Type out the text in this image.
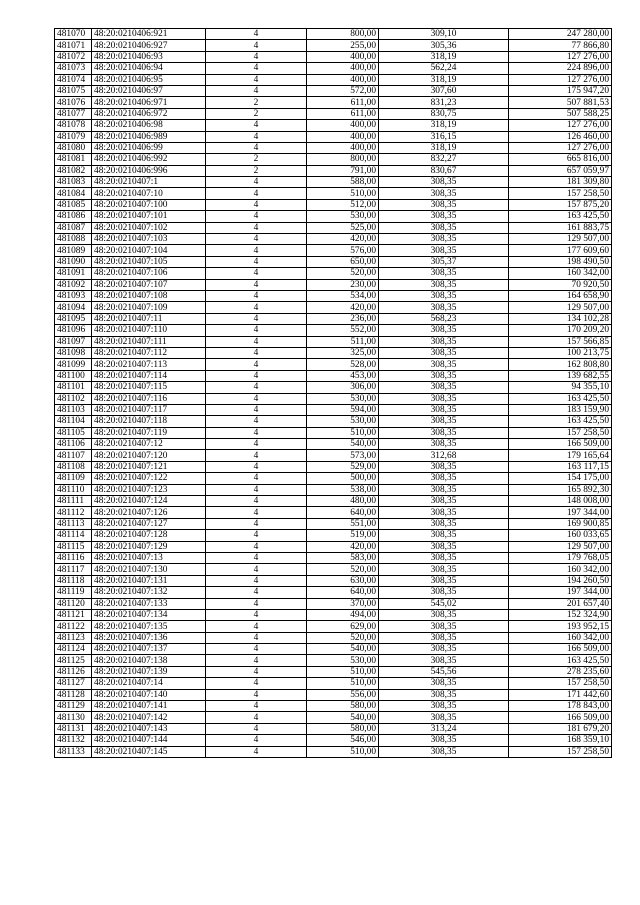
481070	48:20:0210406:921	4	800,00	309,10	247 280,00
481071	48:20:0210406:927	4	255,00	305,36	77 866,80
481072	48:20:0210406:93	4	400,00	318,19	127 276,00
481073	48:20:0210406:94	4	400,00	562,24	224 896,00
481074	48:20:0210406:95	4	400,00	318,19	127 276,00
481075	48:20:0210406:97	4	572,00	307,60	175 947,20
481076	48:20:0210406:971	2	611,00	831,23	507 881,53
481077	48:20:0210406:972	2	611,00	830,75	507 588,25
481078	48:20:0210406:98	4	400,00	318,19	127 276,00
481079	48:20:0210406:989	4	400,00	316,15	126 460,00
481080	48:20:0210406:99	4	400,00	318,19	127 276,00
481081	48:20:0210406:992	2	800,00	832,27	665 816,00
481082	48:20:0210406:996	2	791,00	830,67	657 059,97
481083	48:20:0210407:1	4	588,00	308,35	181 309,80
481084	48:20:0210407:10	4	510,00	308,35	157 258,50
481085	48:20:0210407:100	4	512,00	308,35	157 875,20
481086	48:20:0210407:101	4	530,00	308,35	163 425,50
481087	48:20:0210407:102	4	525,00	308,35	161 883,75
481088	48:20:0210407:103	4	420,00	308,35	129 507,00
481089	48:20:0210407:104	4	576,00	308,35	177 609,60
481090	48:20:0210407:105	4	650,00	305,37	198 490,50
481091	48:20:0210407:106	4	520,00	308,35	160 342,00
481092	48:20:0210407:107	4	230,00	308,35	70 920,50
481093	48:20:0210407:108	4	534,00	308,35	164 658,90
481094	48:20:0210407:109	4	420,00	308,35	129 507,00
481095	48:20:0210407:11	4	236,00	568,23	134 102,28
481096	48:20:0210407:110	4	552,00	308,35	170 209,20
481097	48:20:0210407:111	4	511,00	308,35	157 566,85
481098	48:20:0210407:112	4	325,00	308,35	100 213,75
481099	48:20:0210407:113	4	528,00	308,35	162 808,80
481100	48:20:0210407:114	4	453,00	308,35	139 682,55
481101	48:20:0210407:115	4	306,00	308,35	94 355,10
481102	48:20:0210407:116	4	530,00	308,35	163 425,50
481103	48:20:0210407:117	4	594,00	308,35	183 159,90
481104	48:20:0210407:118	4	530,00	308,35	163 425,50
481105	48:20:0210407:119	4	510,00	308,35	157 258,50
481106	48:20:0210407:12	4	540,00	308,35	166 509,00
481107	48:20:0210407:120	4	573,00	312,68	179 165,64
481108	48:20:0210407:121	4	529,00	308,35	163 117,15
481109	48:20:0210407:122	4	500,00	308,35	154 175,00
481110	48:20:0210407:123	4	538,00	308,35	165 892,30
481111	48:20:0210407:124	4	480,00	308,35	148 008,00
481112	48:20:0210407:126	4	640,00	308,35	197 344,00
481113	48:20:0210407:127	4	551,00	308,35	169 900,85
481114	48:20:0210407:128	4	519,00	308,35	160 033,65
481115	48:20:0210407:129	4	420,00	308,35	129 507,00
481116	48:20:0210407:13	4	583,00	308,35	179 768,05
481117	48:20:0210407:130	4	520,00	308,35	160 342,00
481118	48:20:0210407:131	4	630,00	308,35	194 260,50
481119	48:20:0210407:132	4	640,00	308,35	197 344,00
481120	48:20:0210407:133	4	370,00	545,02	201 657,40
481121	48:20:0210407:134	4	494,00	308,35	152 324,90
481122	48:20:0210407:135	4	629,00	308,35	193 952,15
481123	48:20:0210407:136	4	520,00	308,35	160 342,00
481124	48:20:0210407:137	4	540,00	308,35	166 509,00
481125	48:20:0210407:138	4	530,00	308,35	163 425,50
481126	48:20:0210407:139	4	510,00	545,56	278 235,60
481127	48:20:0210407:14	4	510,00	308,35	157 258,50
481128	48:20:0210407:140	4	556,00	308,35	171 442,60
481129	48:20:0210407:141	4	580,00	308,35	178 843,00
481130	48:20:0210407:142	4	540,00	308,35	166 509,00
481131	48:20:0210407:143	4	580,00	313,24	181 679,20
481132	48:20:0210407:144	4	546,00	308,35	168 359,10
481133	48:20:0210407:145	4	510,00	308,35	157 258,50
